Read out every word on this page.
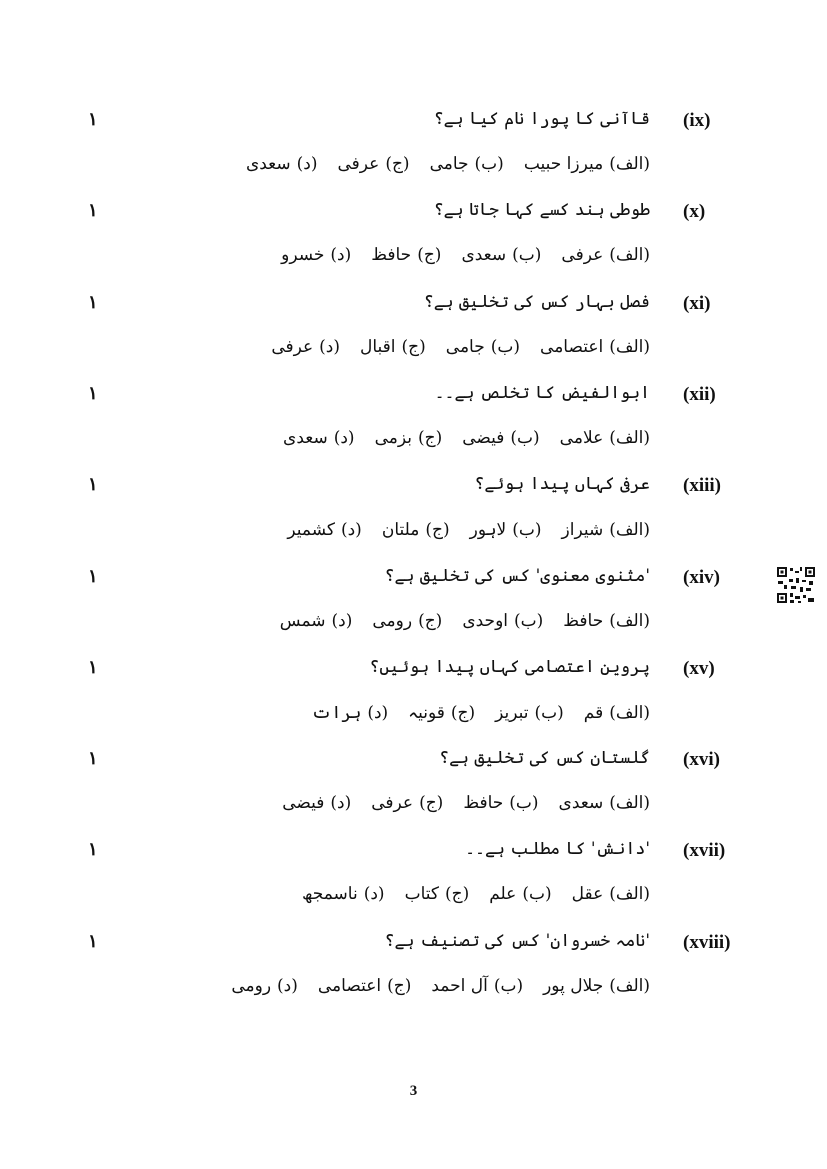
(ix)
قاآنی کا پورا نام کیا ہے؟
۱
(الف)میرزا حبیب(ب)جامی(ج)عرفی(د)سعدی
(x)
طوطی ہند کسے کہا جاتا ہے؟
۱
(الف)عرفی(ب)سعدی(ج)حافظ(د)خسرو
(xi)
فصل بہار کس کی تخلیق ہے؟
۱
(الف)اعتصامی(ب)جامی(ج)اقبال(د)عرفی
(xii)
ابوالفیض کا تخلص ہے۔۔
۱
(الف)علامی(ب)فیضی(ج)بزمی(د)سعدی
(xiii)
عرفی کہاں پیدا ہوئے؟
۱
(الف)شیراز(ب)لاہور(ج)ملتان(د)کشمیر
(xiv)
'مثنوی معنوی' کس کی تخلیق ہے؟
۱
(الف)حافظ(ب)اوحدی(ج)رومی(د)شمس
(xv)
پروین اعتصامی کہاں پیدا ہوئیں؟
۱
(الف)قم(ب)تبریز(ج)قونیہ(د)ہرات
(xvi)
گلستان کس کی تخلیق ہے؟
۱
(الف)سعدی(ب)حافظ(ج)عرفی(د)فیضی
(xvii)
'دانش' کا مطلب ہے۔۔
۱
(الف)عقل(ب)علم(ج)کتاب(د)ناسمجھ
(xviii)
'نامہ خسروان' کس کی تصنیف ہے؟
۱
(الف)جلال پور(ب)آل احمد(ج)اعتصامی(د)رومی
3
